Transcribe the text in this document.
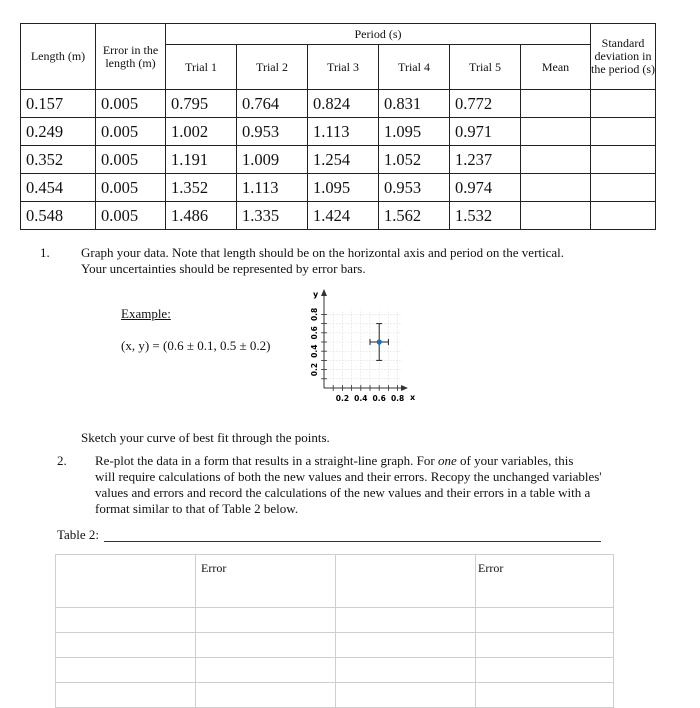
Length (m)	Error in the length (m)	Period (s)						Standard deviation in the period (s)
		Trial 1	Trial 2	Trial 3	Trial 4	Trial 5	Mean	
0.157	0.005	0.795	0.764	0.824	0.831	0.772		
0.249	0.005	1.002	0.953	1.113	1.095	0.971		
0.352	0.005	1.191	1.009	1.254	1.052	1.237		
0.454	0.005	1.352	1.113	1.095	0.953	0.974		
0.548	0.005	1.486	1.335	1.424	1.562	1.532		
1. Graph your data. Note that length should be on the horizontal axis and period on the vertical.
Your uncertainties should be represented by error bars.
Example:
(x, y) = (0.6 ± 0.1, 0.5 ± 0.2)
y
x
0.2 0.4 0.6 0.8
0.2
0.4
0.6
0.8
Sketch your curve of best fit through the points.
2. Re-plot the data in a form that results in a straight-line graph. For one of your variables, this
will require calculations of both the new values and their errors. Recopy the unchanged variables'
values and errors and record the calculations of the new values and their errors in a table with a
format similar to that of Table 2 below.
Table 2:
	Error		Error
